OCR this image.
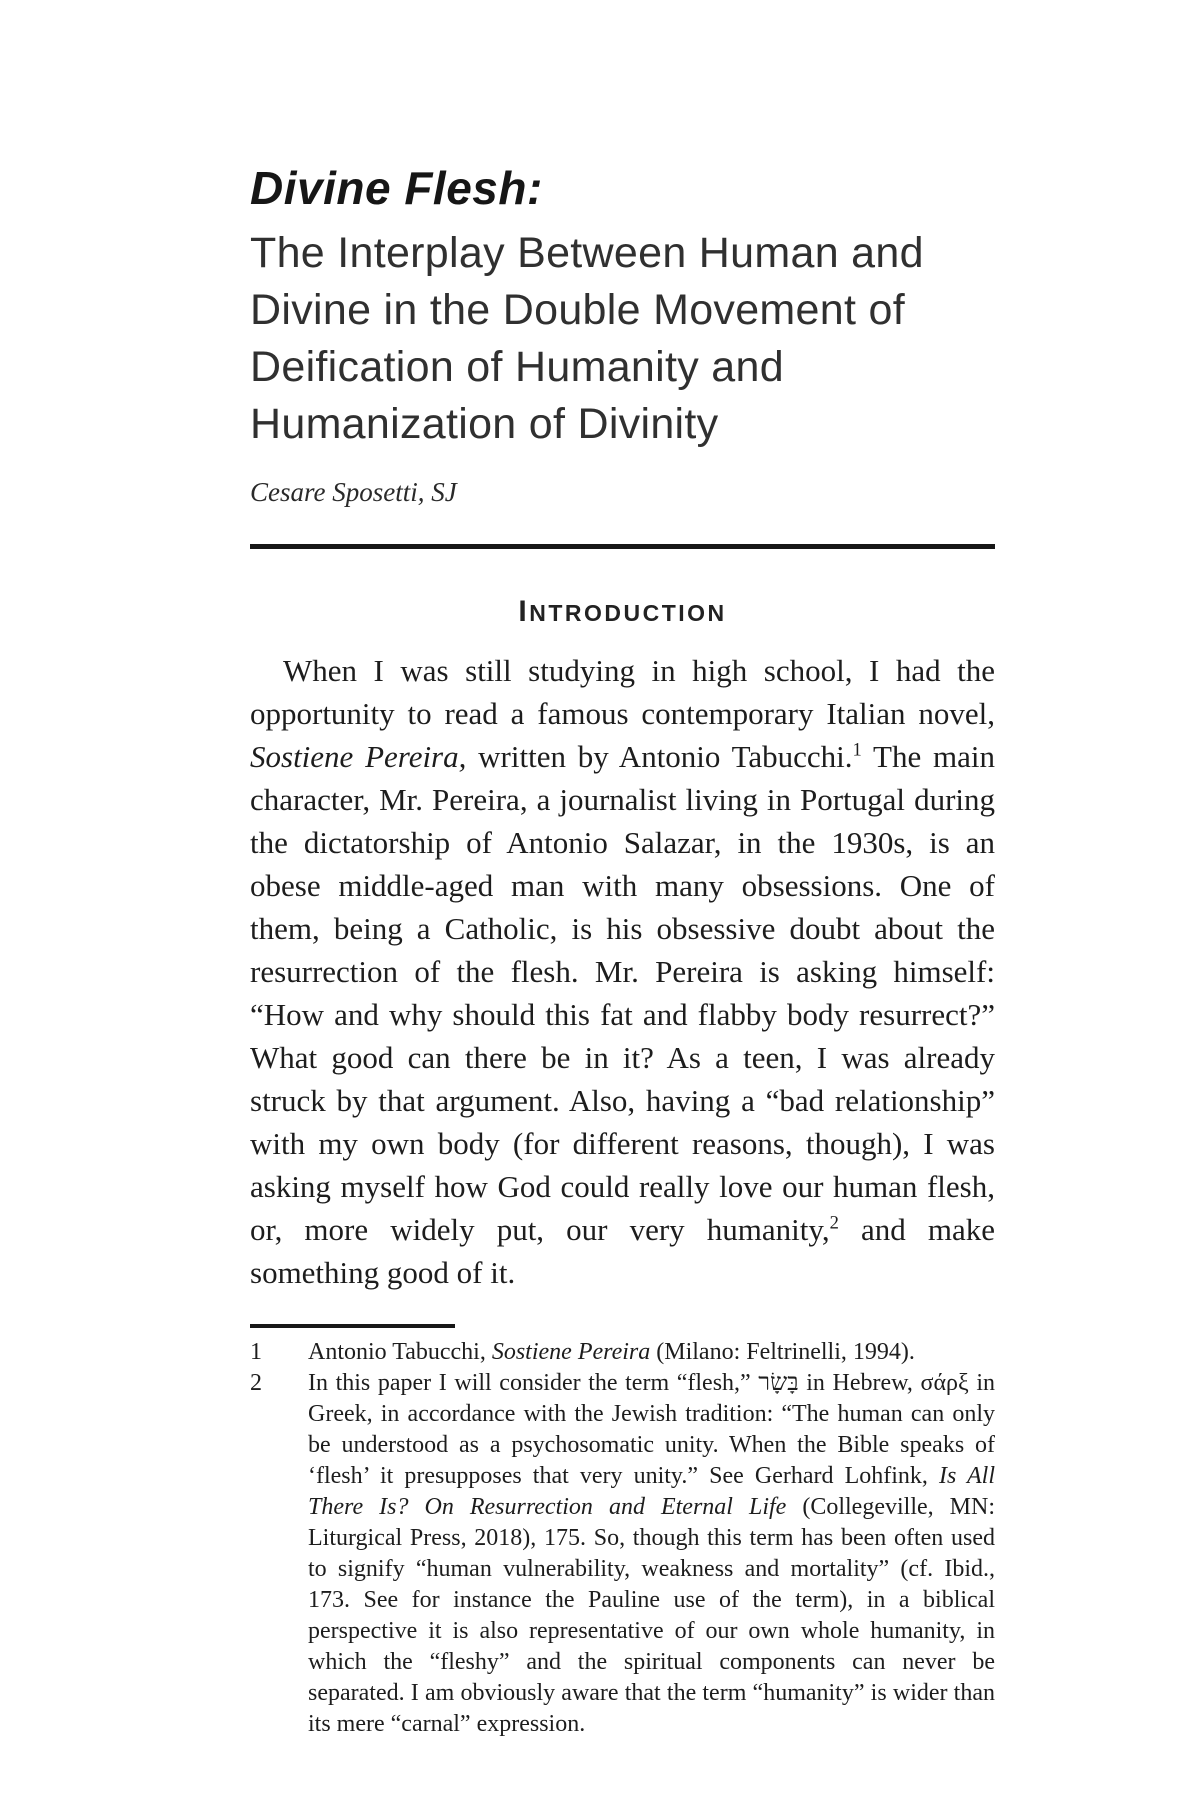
Divine Flesh:
The Interplay Between Human and Divine in the Double Movement of Deification of Humanity and Humanization of Divinity
Cesare Sposetti, SJ
INTRODUCTION

When I was still studying in high school, I had the opportunity to read a famous contemporary Italian novel, Sostiene Pereira, written by Antonio Tabucchi.$^1$ The main character, Mr. Pereira, a journalist living in Portugal during the dictatorship of Antonio Salazar, in the 1930s, is an obese middle-aged man with many obsessions. One of them, being a Catholic, is his obsessive doubt about the resurrection of the flesh. Mr. Pereira is asking himself: “How and why should this fat and flabby body resurrect?” What good can there be in it? As a teen, I was already struck by that argument. Also, having a “bad relationship” with my own body (for different reasons, though), I was asking myself how God could really love our human flesh, or, more widely put, our very humanity,$^2$ and make something good of it.

1	Antonio Tabucchi, Sostiene Pereira (Milano: Feltrinelli, 1994).
2	In this paper I will consider the term “flesh,” בָּשָׂר in Hebrew, σάρξ in Greek, in accordance with the Jewish tradition: “The human can only be understood as a psychosomatic unity. When the Bible speaks of ‘flesh’ it presupposes that very unity.” See Gerhard Lohfink, Is All There Is? On Resurrection and Eternal Life (Collegeville, MN: Liturgical Press, 2018), 175. So, though this term has been often used to signify “human vulnerability, weakness and mortality” (cf. Ibid., 173. See for instance the Pauline use of the term), in a biblical perspective it is also representative of our own whole humanity, in which the “fleshy” and the spiritual components can never be separated. I am obviously aware that the term “humanity” is wider than its mere “carnal” expression.
